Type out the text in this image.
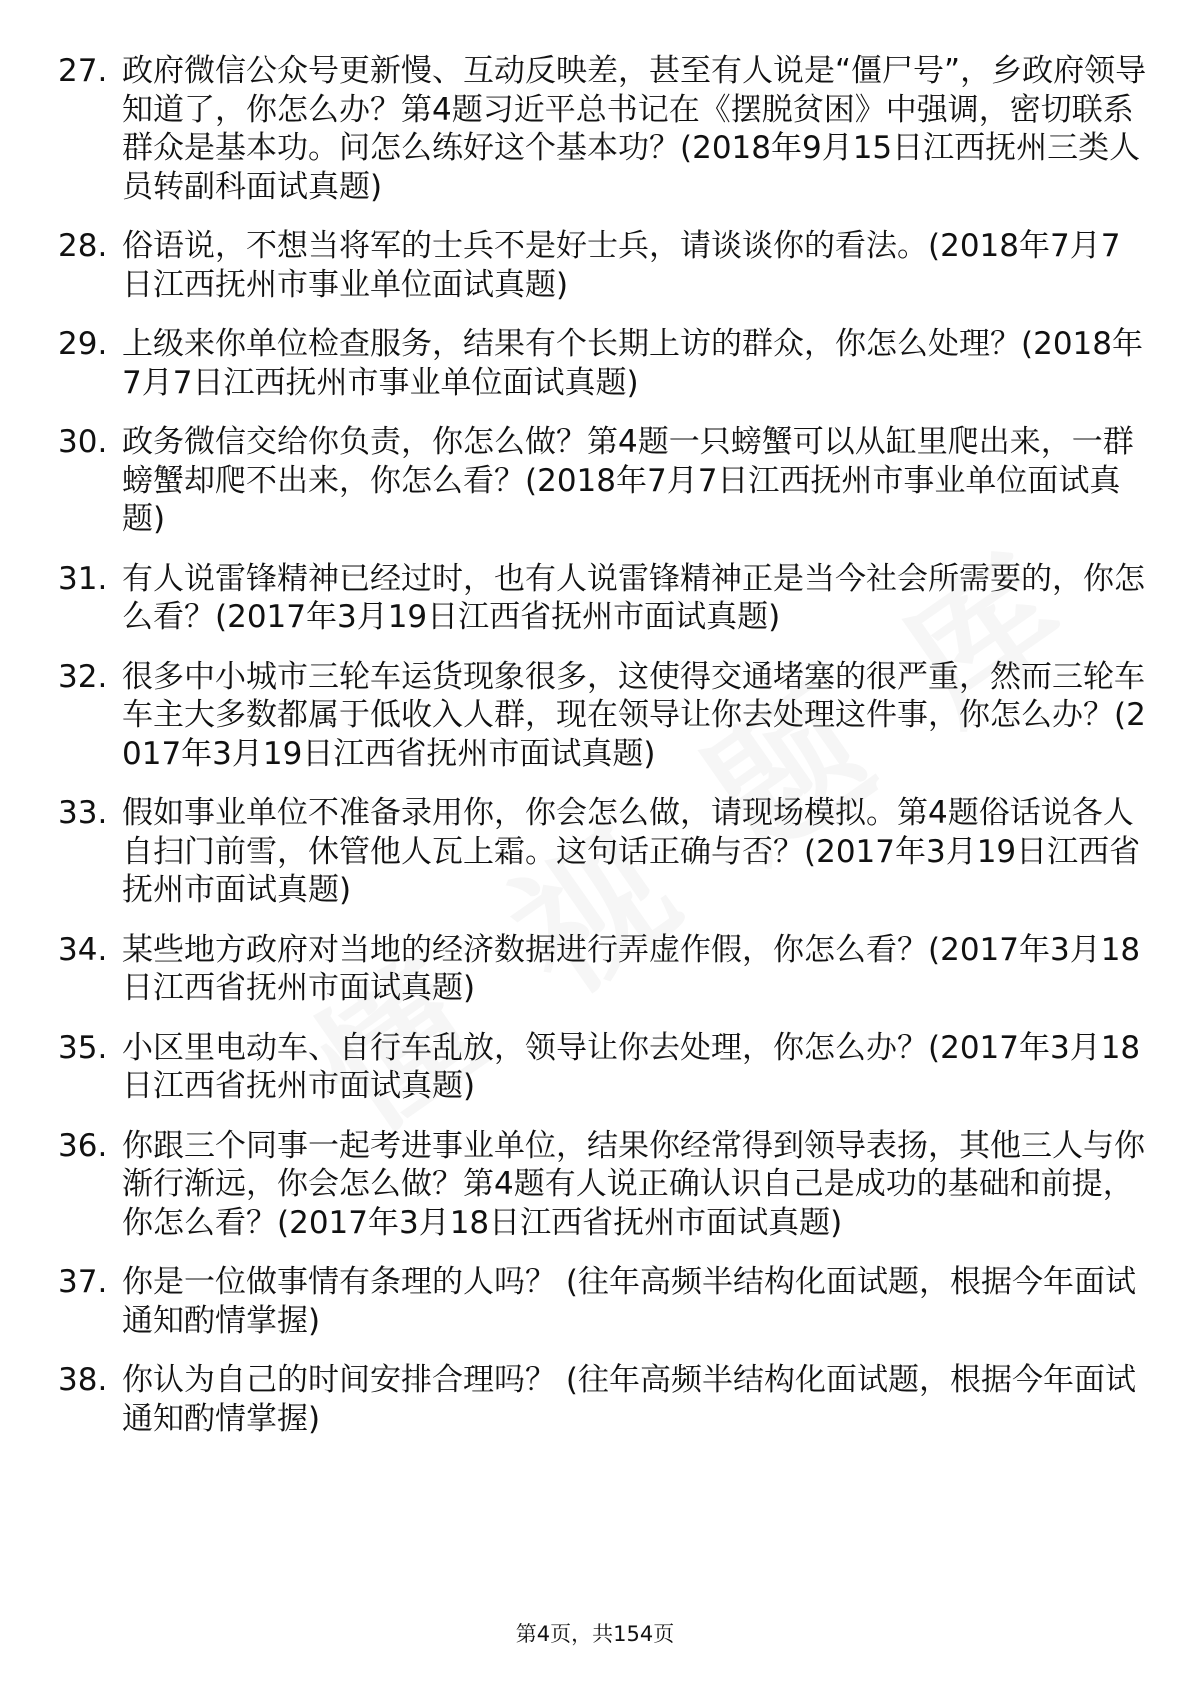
27. 政府微信公众号更新慢、互动反映差，甚至有人说是“僵尸号”，乡政府领导知道了，你怎么办？第4题习近平总书记在《摆脱贫困》中强调，密切联系群众是基本功。问怎么练好这个基本功？(2018年9月15日江西抚州三类人员转副科面试真题)
28. 俗语说，不想当将军的士兵不是好士兵，请谈谈你的看法。(2018年7月7日江西抚州市事业单位面试真题)
29. 上级来你单位检查服务，结果有个长期上访的群众，你怎么处理？(2018年7月7日江西抚州市事业单位面试真题)
30. 政务微信交给你负责，你怎么做？第4题一只螃蟹可以从缸里爬出来，一群螃蟹却爬不出来，你怎么看？(2018年7月7日江西抚州市事业单位面试真题)
31. 有人说雷锋精神已经过时，也有人说雷锋精神正是当今社会所需要的，你怎么看？(2017年3月19日江西省抚州市面试真题)
32. 很多中小城市三轮车运货现象很多，这使得交通堵塞的很严重，然而三轮车车主大多数都属于低收入人群，现在领导让你去处理这件事，你怎么办？(2017年3月19日江西省抚州市面试真题)
33. 假如事业单位不准备录用你，你会怎么做，请现场模拟。第4题俗话说各人自扫门前雪，休管他人瓦上霜。这句话正确与否？(2017年3月19日江西省抚州市面试真题)
34. 某些地方政府对当地的经济数据进行弄虚作假，你怎么看？(2017年3月18日江西省抚州市面试真题)
35. 小区里电动车、自行车乱放，领导让你去处理，你怎么办？(2017年3月18日江西省抚州市面试真题)
36. 你跟三个同事一起考进事业单位，结果你经常得到领导表扬，其他三人与你渐行渐远，你会怎么做？第4题有人说正确认识自己是成功的基础和前提，你怎么看？(2017年3月18日江西省抚州市面试真题)
37. 你是一位做事情有条理的人吗？ (往年高频半结构化面试题，根据今年面试通知酌情掌握)
38. 你认为自己的时间安排合理吗？ (往年高频半结构化面试题，根据今年面试通知酌情掌握)
第4页，共154页
